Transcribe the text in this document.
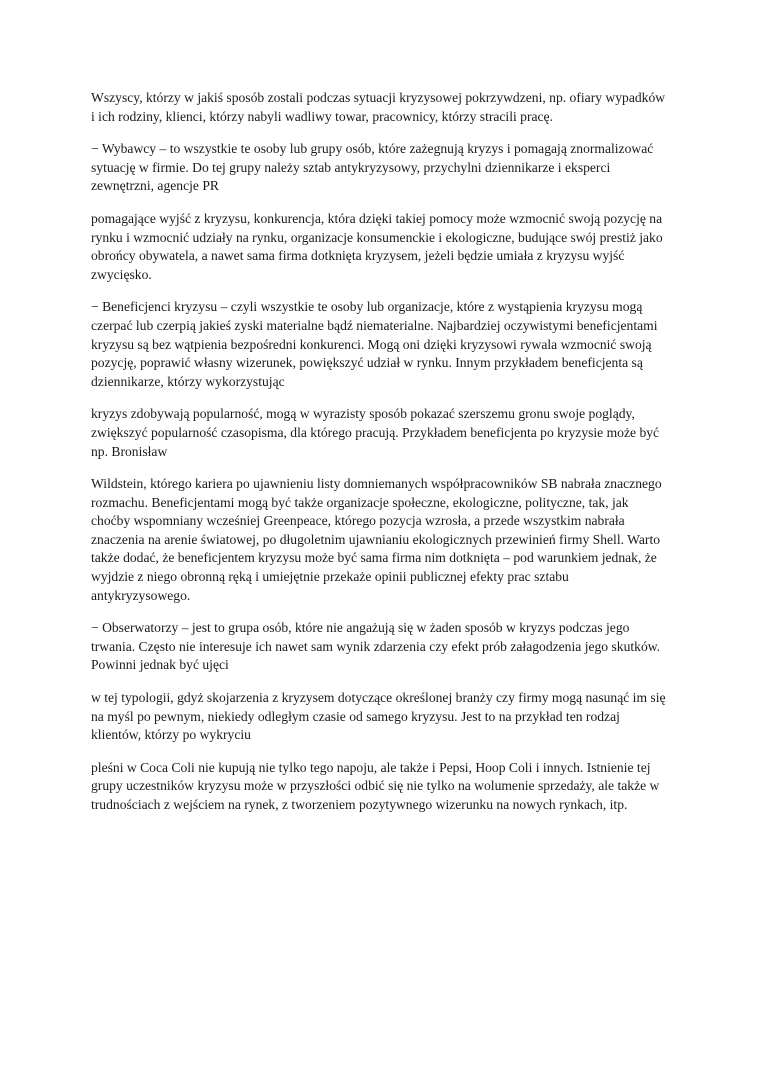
Wszyscy, którzy w jakiś sposób zostali podczas sytuacji kryzysowej pokrzywdzeni, np. ofiary wypadków i ich rodziny, klienci, którzy nabyli wadliwy towar, pracownicy, którzy stracili pracę.

− Wybawcy – to wszystkie te osoby lub grupy osób, które zażegnują kryzys i pomagają znormalizować sytuację w firmie. Do tej grupy należy sztab antykryzysowy, przychylni dziennikarze i eksperci zewnętrzni, agencje PR

pomagające wyjść z kryzysu, konkurencja, która dzięki takiej pomocy może wzmocnić swoją pozycję na rynku i wzmocnić udziały na rynku, organizacje konsumenckie i ekologiczne, budujące swój prestiż jako obrońcy obywatela, a nawet sama firma dotknięta kryzysem, jeżeli będzie umiała z kryzysu wyjść zwycięsko.

− Beneficjenci kryzysu – czyli wszystkie te osoby lub organizacje, które z wystąpienia kryzysu mogą czerpać lub czerpią jakieś zyski materialne bądź niematerialne. Najbardziej oczywistymi beneficjentami kryzysu są bez wątpienia bezpośredni konkurenci. Mogą oni dzięki kryzysowi rywala wzmocnić swoją pozycję, poprawić własny wizerunek, powiększyć udział w rynku. Innym przykładem beneficjenta są dziennikarze, którzy wykorzystując

kryzys zdobywają popularność, mogą w wyrazisty sposób pokazać szerszemu gronu swoje poglądy, zwiększyć popularność czasopisma, dla którego pracują. Przykładem beneficjenta po kryzysie może być np. Bronisław

Wildstein, którego kariera po ujawnieniu listy domniemanych współpracowników SB nabrała znacznego rozmachu. Beneficjentami mogą być także organizacje społeczne, ekologiczne, polityczne, tak, jak choćby wspomniany wcześniej Greenpeace, którego pozycja wzrosła, a przede wszystkim nabrała znaczenia na arenie światowej, po długoletnim ujawnianiu ekologicznych przewinień firmy Shell. Warto także dodać, że beneficjentem kryzysu może być sama firma nim dotknięta – pod warunkiem jednak, że wyjdzie z niego obronną ręką i umiejętnie przekaże opinii publicznej efekty prac sztabu antykryzysowego.

− Obserwatorzy – jest to grupa osób, które nie angażują się w żaden sposób w kryzys podczas jego trwania. Często nie interesuje ich nawet sam wynik zdarzenia czy efekt prób załagodzenia jego skutków. Powinni jednak być ujęci

w tej typologii, gdyż skojarzenia z kryzysem dotyczące określonej branży czy firmy mogą nasunąć im się na myśl po pewnym, niekiedy odległym czasie od samego kryzysu. Jest to na przykład ten rodzaj klientów, którzy po wykryciu

pleśni w Coca Coli nie kupują nie tylko tego napoju, ale także i Pepsi, Hoop Coli i innych. Istnienie tej grupy uczestników kryzysu może w przyszłości odbić się nie tylko na wolumenie sprzedaży, ale także w trudnościach z wejściem na rynek, z tworzeniem pozytywnego wizerunku na nowych rynkach, itp.
